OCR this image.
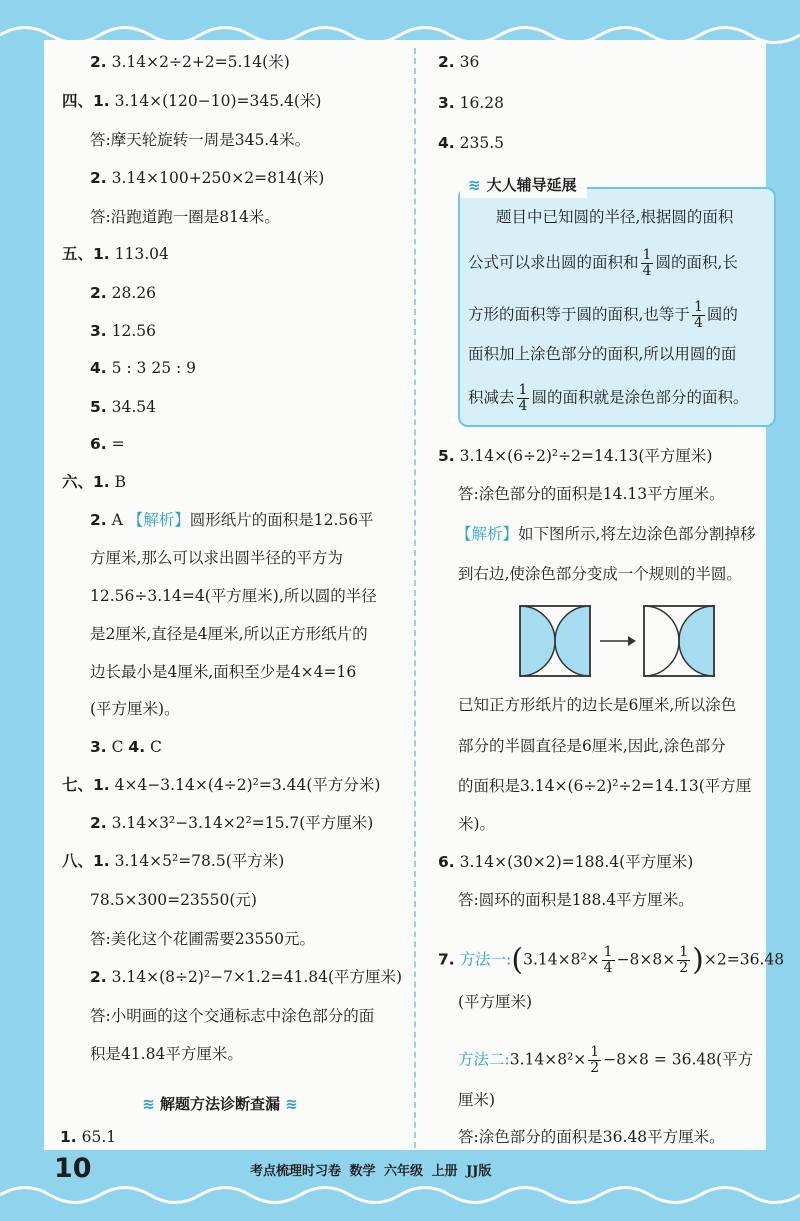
2. 3.14×2÷2+2=5.14(米)
四、1. 3.14×(120−10)=345.4(米)
答:摩天轮旋转一周是345.4米。
2. 3.14×100+250×2=814(米)
答:沿跑道跑一圈是814米。
五、1. 113.04
2. 28.26
3. 12.56
4. 5 : 3 25 : 9
5. 34.54
6. =
六、1. B
2. A 【解析】圆形纸片的面积是12.56平
方厘米,那么可以求出圆半径的平方为
12.56÷3.14=4(平方厘米),所以圆的半径
是2厘米,直径是4厘米,所以正方形纸片的
边长最小是4厘米,面积至少是4×4=16
(平方厘米)。
3. C 4. C
七、1. 4×4−3.14×(4÷2)²=3.44(平方分米)
2. 3.14×3²−3.14×2²=15.7(平方厘米)
八、1. 3.14×5²=78.5(平方米)
78.5×300=23550(元)
答:美化这个花圃需要23550元。
2. 3.14×(8÷2)²−7×1.2=41.84(平方厘米)
答:小明画的这个交通标志中涂色部分的面
积是41.84平方厘米。
≋ 解题方法诊断查漏 ≋
1. 65.1
2. 36
3. 16.28
4. 235.5
≋ 大人辅导延展
题目中已知圆的半径,根据圆的面积
公式可以求出圆的面积和 $\frac{1}{4}$ 圆的面积,长
方形的面积等于圆的面积,也等于 $\frac{1}{4}$ 圆的
面积加上涂色部分的面积,所以用圆的面
积减去 $\frac{1}{4}$ 圆的面积就是涂色部分的面积。
5. 3.14×(6÷2)²÷2=14.13(平方厘米)
答:涂色部分的面积是14.13平方厘米。
【解析】如下图所示,将左边涂色部分割掉移
到右边,使涂色部分变成一个规则的半圆。
已知正方形纸片的边长是6厘米,所以涂色
部分的半圆直径是6厘米,因此,涂色部分
的面积是3.14×(6÷2)²÷2=14.13(平方厘
米)。
6. 3.14×(30×2)=188.4(平方厘米)
答:圆环的面积是188.4平方厘米。
7. 方法一:(3.14×8²× $\frac{1}{4} -8\times 8\times \frac{1}{2} )\times 2=36.48$
(平方厘米)
方法二:3.14×8²× $\frac{1}{2} -8\times 8 = 36.48$(平方
厘米)
答:涂色部分的面积是36.48平方厘米。
10	考点梳理时习卷 数学 六年级 上册 JJ版
